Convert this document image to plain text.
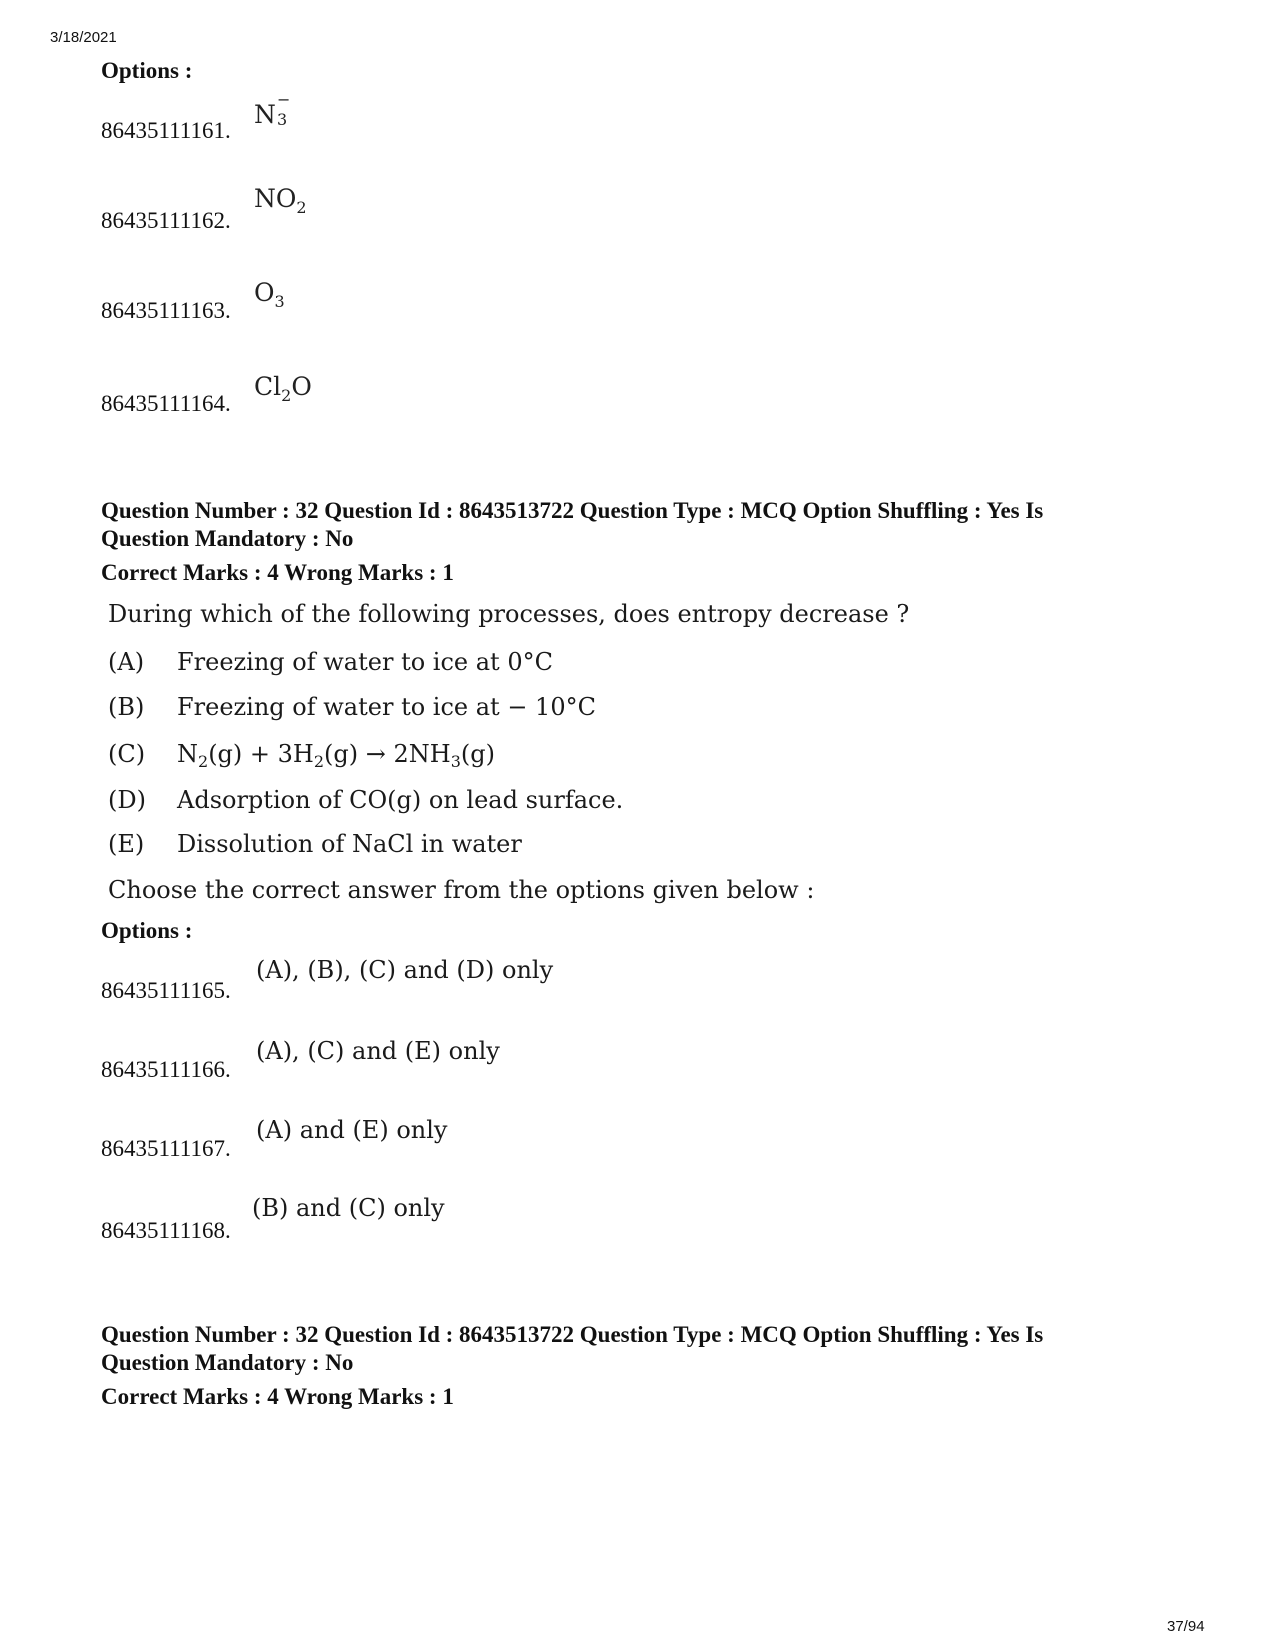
3/18/2021
Options :
86435111161.
N
−
3
86435111162.
$NO_2$
86435111163.
$O_3$
86435111164.
$Cl_2O$
Question Number : 32 Question Id : 8643513722 Question Type : MCQ Option Shuffling : Yes Is
Question Mandatory : No
Correct Marks : 4 Wrong Marks : 1
During which of the following processes, does entropy decrease ?
(A) Freezing of water to ice at 0°C
(B) Freezing of water to ice at − 10°C
(C) $N_2(g) + 3H_2(g) \to 2NH_3(g)$
(D) Adsorption of CO(g) on lead surface.
(E) Dissolution of NaCl in water
Choose the correct answer from the options given below :
Options :
86435111165.
(A), (B), (C) and (D) only
86435111166.
(A), (C) and (E) only
86435111167.
(A) and (E) only
86435111168.
(B) and (C) only
Question Number : 32 Question Id : 8643513722 Question Type : MCQ Option Shuffling : Yes Is
Question Mandatory : No
Correct Marks : 4 Wrong Marks : 1
37/94
